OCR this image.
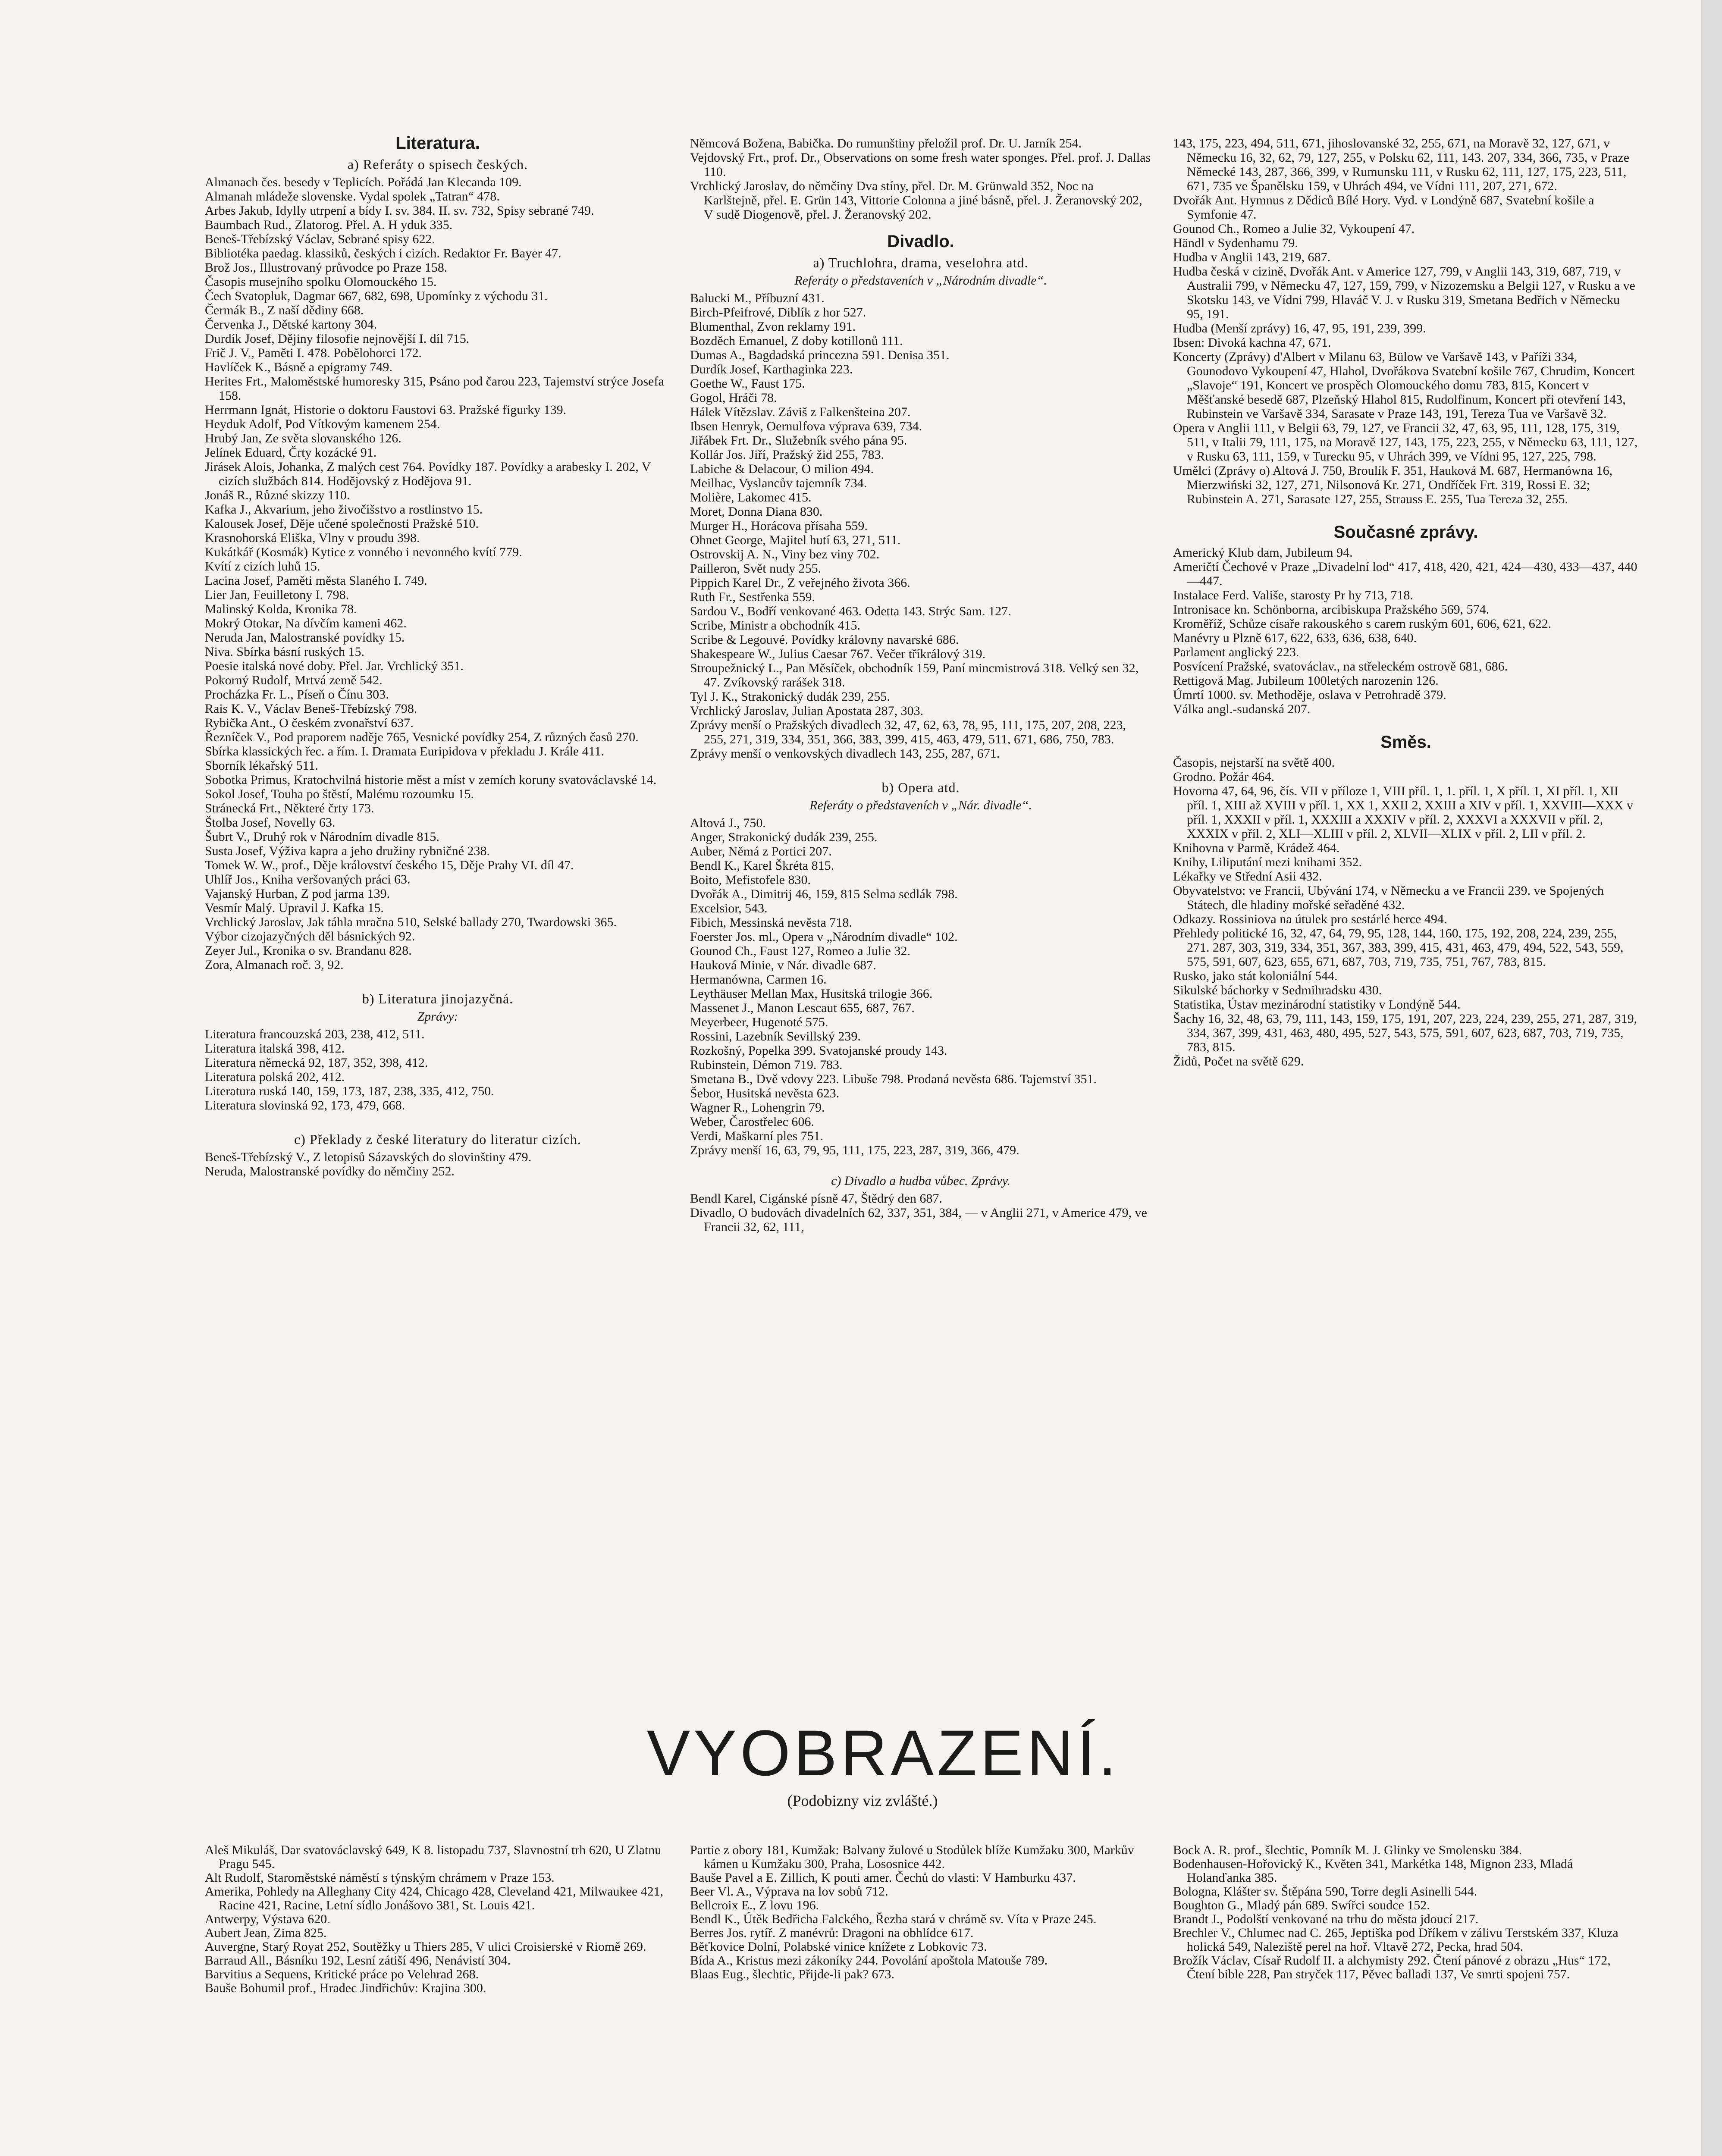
Literatura.
a) Referáty o spisech českých.

Almanach čes. besedy v Teplicích. Pořádá Jan Klecanda 109.

Almanah mládeže slovenske. Vydal spolek „Tatran“ 478.

Arbes Jakub, Idylly utrpení a bídy I. sv. 384. II. sv. 732, Spisy sebrané 749.

Baumbach Rud., Zlatorog. Přel. A. H yduk 335.

Beneš-Třebízský Václav, Sebrané spisy 622.

Bibliotéka paedag. klassiků, českých i cizích. Redaktor Fr. Bayer 47.

Brož Jos., Illustrovaný průvodce po Praze 158.

Časopis musejního spolku Olomouckého 15.

Čech Svatopluk, Dagmar 667, 682, 698, Upomínky z východu 31.

Čermák B., Z naší dědiny 668.

Červenka J., Dětské kartony 304.

Durdík Josef, Dějiny filosofie nejnovější I. díl 715.

Frič J. V., Paměti I. 478. Pobělohorci 172.

Havlíček K., Básně a epigramy 749.

Herites Frt., Maloměstské humoresky 315, Psáno pod čarou 223, Tajemství strýce Josefa 158.

Herrmann Ignát, Historie o doktoru Faustovi 63. Pražské figurky 139.

Heyduk Adolf, Pod Vítkovým kamenem 254.

Hrubý Jan, Ze světa slovanského 126.

Jelínek Eduard, Črty kozácké 91.

Jirásek Alois, Johanka, Z malých cest 764. Povídky 187. Povídky a arabesky I. 202, V cizích službách 814. Hodějovský z Hodějova 91.

Jonáš R., Různé skizzy 110.

Kafka J., Akvarium, jeho živočišstvo a rostlinstvo 15.

Kalousek Josef, Děje učené společnosti Pražské 510.

Krasnohorská Eliška, Vlny v proudu 398.

Kukátkář (Kosmák) Kytice z vonného i nevonného kvítí 779.

Kvítí z cizích luhů 15.

Lacina Josef, Paměti města Slaného I. 749.

Lier Jan, Feuilletony I. 798.

Malinský Kolda, Kronika 78.

Mokrý Otokar, Na dívčím kameni 462.

Neruda Jan, Malostranské povídky 15.

Niva. Sbírka básní ruských 15.

Poesie italská nové doby. Přel. Jar. Vrchlický 351.

Pokorný Rudolf, Mrtvá země 542.

Procházka Fr. L., Píseň o Čínu 303.

Rais K. V., Václav Beneš-Třebízský 798.

Rybička Ant., O českém zvonařství 637.

Řezníček V., Pod praporem naděje 765, Vesnické povídky 254, Z různých časů 270.

Sbírka klassických řec. a řím. I. Dramata Euripidova v překladu J. Krále 411.

Sborník lékařský 511.

Sobotka Primus, Kratochvilná historie měst a míst v zemích koruny svatováclavské 14.

Sokol Josef, Touha po štěstí, Malému rozoumku 15.

Stránecká Frt., Některé črty 173.

Štolba Josef, Novelly 63.

Šubrt V., Druhý rok v Národním divadle 815.

Susta Josef, Výživa kapra a jeho družiny rybničné 238.

Tomek W. W., prof., Děje království českého 15, Děje Prahy VI. díl 47.

Uhlíř Jos., Kniha veršovaných práci 63.

Vajanský Hurban, Z pod jarma 139.

Vesmír Malý. Upravil J. Kafka 15.

Vrchlický Jaroslav, Jak táhla mračna 510, Selské ballady 270, Twardowski 365.

Výbor cizojazyčných děl básnických 92.

Zeyer Jul., Kronika o sv. Brandanu 828.

Zora, Almanach roč. 3, 92.

b) Literatura jinojazyčná.
Zprávy:

Literatura francouzská 203, 238, 412, 511.

Literatura italská 398, 412.

Literatura německá 92, 187, 352, 398, 412.

Literatura polská 202, 412.

Literatura ruská 140, 159, 173, 187, 238, 335, 412, 750.

Literatura slovinská 92, 173, 479, 668.

c) Překlady z české literatury do literatur cizích.

Beneš-Třebízský V., Z letopisů Sázavských do slovinštiny 479.

Neruda, Malostranské povídky do němčiny 252.

Němcová Božena, Babička. Do rumunštiny přeložil prof. Dr. U. Jarník 254.

Vejdovský Frt., prof. Dr., Observations on some fresh water sponges. Přel. prof. J. Dallas 110.

Vrchlický Jaroslav, do němčiny Dva stíny, přel. Dr. M. Grünwald 352, Noc na Karlštejně, přel. E. Grün 143, Vittorie Colonna a jiné básně, přel. J. Žeranovský 202, V sudě Diogenově, přel. J. Žeranovský 202.

Divadlo.
a) Truchlohra, drama, veselohra atd.
Referáty o představeních v „Národním divadle“.

Balucki M., Příbuzní 431.

Birch-Pfeifrové, Diblík z hor 527.

Blumenthal, Zvon reklamy 191.

Bozděch Emanuel, Z doby kotillonů 111.

Dumas A., Bagdadská princezna 591. Denisa 351.

Durdík Josef, Karthaginka 223.

Goethe W., Faust 175.

Gogol, Hráči 78.

Hálek Vítězslav. Záviš z Falkenšteina 207.

Ibsen Henryk, Oernulfova výprava 639, 734.

Jiřábek Frt. Dr., Služebník svého pána 95.

Kollár Jos. Jiří, Pražský žid 255, 783.

Labiche & Delacour, O milion 494.

Meilhac, Vyslancův tajemník 734.

Molière, Lakomec 415.

Moret, Donna Diana 830.

Murger H., Horácova přísaha 559.

Ohnet George, Majitel hutí 63, 271, 511.

Ostrovskij A. N., Viny bez viny 702.

Pailleron, Svět nudy 255.

Pippich Karel Dr., Z veřejného života 366.

Ruth Fr., Sestřenka 559.

Sardou V., Bodří venkované 463. Odetta 143. Strýc Sam. 127.

Scribe, Ministr a obchodník 415.

Scribe & Legouvé. Povídky královny navarské 686.

Shakespeare W., Julius Caesar 767. Večer tříkrálový 319.

Stroupežnický L., Pan Měsíček, obchodník 159, Paní mincmistrová 318. Velký sen 32, 47. Zvíkovský rarášek 318.

Tyl J. K., Strakonický dudák 239, 255.

Vrchlický Jaroslav, Julian Apostata 287, 303.

Zprávy menší o Pražských divadlech 32, 47, 62, 63, 78, 95, 111, 175, 207, 208, 223, 255, 271, 319, 334, 351, 366, 383, 399, 415, 463, 479, 511, 671, 686, 750, 783.

Zprávy menší o venkovských divadlech 143, 255, 287, 671.

b) Opera atd.
Referáty o představeních v „Nár. divadle“.

Altová J., 750.

Anger, Strakonický dudák 239, 255.

Auber, Němá z Portici 207.

Bendl K., Karel Škréta 815.

Boito, Mefistofele 830.

Dvořák A., Dimitrij 46, 159, 815 Selma sedlák 798.

Excelsior, 543.

Fibich, Messinská nevěsta 718.

Foerster Jos. ml., Opera v „Národním divadle“ 102.

Gounod Ch., Faust 127, Romeo a Julie 32.

Hauková Minie, v Nár. divadle 687.

Hermanówna, Carmen 16.

Leythäuser Mellan Max, Husitská trilogie 366.

Massenet J., Manon Lescaut 655, 687, 767.

Meyerbeer, Hugenoté 575.

Rossini, Lazebník Sevillský 239.

Rozkošný, Popelka 399. Svatojanské proudy 143.

Rubinstein, Démon 719. 783.

Smetana B., Dvě vdovy 223. Libuše 798. Prodaná nevěsta 686. Tajemství 351.

Šebor, Husitská nevěsta 623.

Wagner R., Lohengrin 79.

Weber, Čarostřelec 606.

Verdi, Maškarní ples 751.

Zprávy menší 16, 63, 79, 95, 111, 175, 223, 287, 319, 366, 479.

c) Divadlo a hudba vůbec. Zprávy.

Bendl Karel, Cigánské písně 47, Štědrý den 687.

Divadlo, O budovách divadelních 62, 337, 351, 384, — v Anglii 271, v Americe 479, ve Francii 32, 62, 111,

143, 175, 223, 494, 511, 671, jihoslovanské 32, 255, 671, na Moravě 32, 127, 671, v Německu 16, 32, 62, 79, 127, 255, v Polsku 62, 111, 143. 207, 334, 366, 735, v Praze Německé 143, 287, 366, 399, v Rumunsku 111, v Rusku 62, 111, 127, 175, 223, 511, 671, 735 ve Španělsku 159, v Uhrách 494, ve Vídni 111, 207, 271, 672.

Dvořák Ant. Hymnus z Dědiců Bílé Hory. Vyd. v Londýně 687, Svatební košile a Symfonie 47.

Gounod Ch., Romeo a Julie 32, Vykoupení 47.

Händl v Sydenhamu 79.

Hudba v Anglii 143, 219, 687.

Hudba česká v cizině, Dvořák Ant. v Americe 127, 799, v Anglii 143, 319, 687, 719, v Australii 799, v Německu 47, 127, 159, 799, v Nizozemsku a Belgii 127, v Rusku a ve Skotsku 143, ve Vídni 799, Hlaváč V. J. v Rusku 319, Smetana Bedřich v Německu 95, 191.

Hudba (Menší zprávy) 16, 47, 95, 191, 239, 399.

Ibsen: Divoká kachna 47, 671.

Koncerty (Zprávy) d'Albert v Milanu 63, Bülow ve Varšavě 143, v Paříži 334, Gounodovo Vykoupení 47, Hlahol, Dvořákova Svatební košile 767, Chrudim, Koncert „Slavoje“ 191, Koncert ve prospěch Olomouckého domu 783, 815, Koncert v Měšťanské besedě 687, Plzeňský Hlahol 815, Rudolfinum, Koncert při otevření 143, Rubinstein ve Varšavě 334, Sarasate v Praze 143, 191, Tereza Tua ve Varšavě 32.

Opera v Anglii 111, v Belgii 63, 79, 127, ve Francii 32, 47, 63, 95, 111, 128, 175, 319, 511, v Italii 79, 111, 175, na Moravě 127, 143, 175, 223, 255, v Německu 63, 111, 127, v Rusku 63, 111, 159, v Turecku 95, v Uhrách 399, ve Vídni 95, 127, 225, 798.

Umělci (Zprávy o) Altová J. 750, Broulík F. 351, Hauková M. 687, Hermanówna 16, Mierzwiński 32, 127, 271, Nilsonová Kr. 271, Ondříček Frt. 319, Rossi E. 32; Rubinstein A. 271, Sarasate 127, 255, Strauss E. 255, Tua Tereza 32, 255.

Současné zprávy.

Americký Klub dam, Jubileum 94.

Američtí Čechové v Praze „Divadelní lod“ 417, 418, 420, 421, 424—430, 433—437, 440—447.

Instalace Ferd. Vališe, starosty Pr hy 713, 718.

Intronisace kn. Schönborna, arcibiskupa Pražského 569, 574.

Kroměříž, Schůze císaře rakouského s carem ruským 601, 606, 621, 622.

Manévry u Plzně 617, 622, 633, 636, 638, 640.

Parlament anglický 223.

Posvícení Pražské, svatováclav., na střeleckém ostrově 681, 686.

Rettigová Mag. Jubileum 100letých narozenin 126.

Úmrtí 1000. sv. Methoděje, oslava v Petrohradě 379.

Válka angl.-sudanská 207.

Směs.

Časopis, nejstarší na světě 400.

Grodno. Požár 464.

Hovorna 47, 64, 96, čís. VII v příloze 1, VIII příl. 1, 1. příl. 1, X příl. 1, XI příl. 1, XII příl. 1, XIII až XVIII v příl. 1, XX 1, XXII 2, XXIII a XIV v příl. 1, XXVIII—XXX v příl. 1, XXXII v příl. 1, XXXIII a XXXIV v příl. 2, XXXVI a XXXVII v příl. 2, XXXIX v příl. 2, XLI—XLIII v příl. 2, XLVII—XLIX v příl. 2, LII v příl. 2.

Knihovna v Parmě, Krádež 464.

Knihy, Liliputání mezi knihami 352.

Lékařky ve Střední Asii 432.

Obyvatelstvo: ve Francii, Ubývání 174, v Německu a ve Francii 239. ve Spojených Státech, dle hladiny mořské seřaděné 432.

Odkazy. Rossiniova na útulek pro sestárlé herce 494.

Přehledy politické 16, 32, 47, 64, 79, 95, 128, 144, 160, 175, 192, 208, 224, 239, 255, 271. 287, 303, 319, 334, 351, 367, 383, 399, 415, 431, 463, 479, 494, 522, 543, 559, 575, 591, 607, 623, 655, 671, 687, 703, 719, 735, 751, 767, 783, 815.

Rusko, jako stát koloniální 544.

Sikulské báchorky v Sedmihradsku 430.

Statistika, Ústav mezinárodní statistiky v Londýně 544.

Šachy 16, 32, 48, 63, 79, 111, 143, 159, 175, 191, 207, 223, 224, 239, 255, 271, 287, 319, 334, 367, 399, 431, 463, 480, 495, 527, 543, 575, 591, 607, 623, 687, 703, 719, 735, 783, 815.

Židů, Počet na světě 629.

VYOBRAZENÍ.
(Podobizny viz zvlášté.)

Aleš Mikuláš, Dar svatováclavský 649, K 8. listopadu 737, Slavnostní trh 620, U Zlatnu Pragu 545.

Alt Rudolf, Staroměstské náměstí s týnským chrámem v Praze 153.

Amerika, Pohledy na Alleghany City 424, Chicago 428, Cleveland 421, Milwaukee 421, Racine 421, Racine, Letní sídlo Jonášovo 381, St. Louis 421.

Antwerpy, Výstava 620.

Aubert Jean, Zima 825.

Auvergne, Starý Royat 252, Soutěžky u Thiers 285, V ulici Croisierské v Riomě 269.

Barraud All., Básníku 192, Lesní zátiší 496, Nenávistí 304.

Barvitius a Sequens, Kritické práce po Velehrad 268.

Bauše Bohumil prof., Hradec Jindřichův: Krajina 300.

Partie z obory 181, Kumžak: Balvany žulové u Stodůlek blíže Kumžaku 300, Markův kámen u Kumžaku 300, Praha, Lososnice 442.

Bauše Pavel a E. Zillich, K pouti amer. Čechů do vlasti: V Hamburku 437.

Beer Vl. A., Výprava na lov sobů 712.

Bellcroix E., Z lovu 196.

Bendl K., Útěk Bedřicha Falckého, Řezba stará v chrámě sv. Víta v Praze 245.

Berres Jos. rytíř. Z manévrů: Dragoni na obhlídce 617.

Běťkovice Dolní, Polabské vinice knížete z Lobkovic 73.

Bída A., Kristus mezi zákoníky 244. Povolání apoštola Matouše 789.

Blaas Eug., šlechtic, Přijde-li pak? 673.

Bock A. R. prof., šlechtic, Pomník M. J. Glinky ve Smolensku 384.

Bodenhausen-Hořovický K., Květen 341, Markétka 148, Mignon 233, Mladá Holanďanka 385.

Bologna, Klášter sv. Štěpána 590, Torre degli Asinelli 544.

Boughton G., Mladý pán 689. Swířci soudce 152.

Brandt J., Podolští venkované na trhu do města jdoucí 217.

Brechler V., Chlumec nad C. 265, Jeptiška pod Dříkem v zálivu Terstském 337, Kluza holická 549, Naleziště perel na hoř. Vltavě 272, Pecka, hrad 504.

Brožík Václav, Císař Rudolf II. a alchymisty 292. Čtení pánové z obrazu „Hus“ 172, Čtení bible 228, Pan stryček 117, Pěvec balladi 137, Ve smrti spojeni 757.
